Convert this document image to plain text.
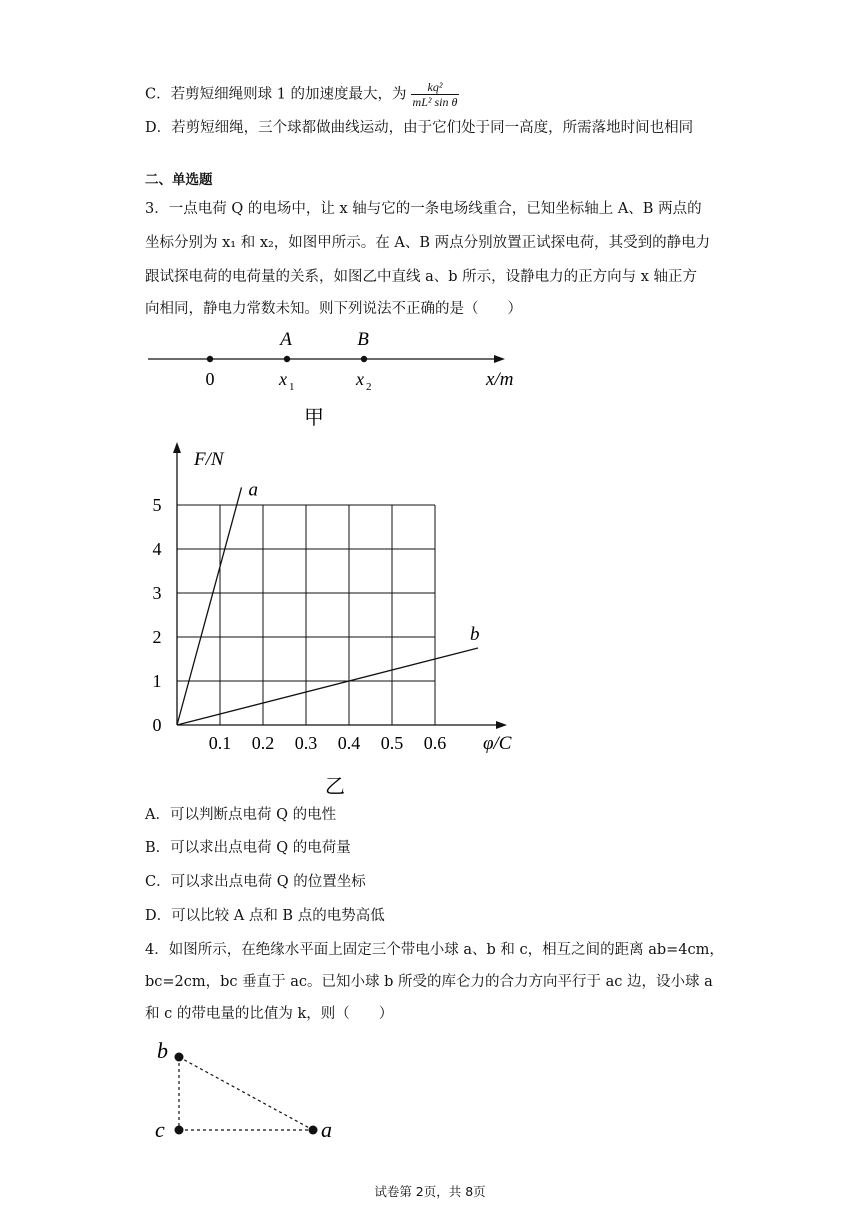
C．若剪短细绳则球 1 的加速度最大，为 $\frac{\text{kq²}}{\text{mL² sin θ}}$
D．若剪短细绳，三个球都做曲线运动，由于它们处于同一高度，所需落地时间也相同
二、单选题
3．一点电荷 Q 的电场中，让 x 轴与它的一条电场线重合，已知坐标轴上 A、B 两点的
坐标分别为 x₁ 和 x₂，如图甲所示。在 A、B 两点分别放置正试探电荷，其受到的静电力
跟试探电荷的电荷量的关系，如图乙中直线 a、b 所示，设静电力的正方向与 x 轴正方
向相同，静电力常数未知。则下列说法不正确的是（　　）
A	B
0	x 1	x 2	x/m
甲
0.1 0.2 0.3 0.4 0.5 0.6
0
1
2
3
4
5
F/N
φ/C
a
b
乙
A．可以判断点电荷 Q 的电性
B．可以求出点电荷 Q 的电荷量
C．可以求出点电荷 Q 的位置坐标
D．可以比较 A 点和 B 点的电势高低
4．如图所示，在绝缘水平面上固定三个带电小球 a、b 和 c，相互之间的距离 ab=4cm，
bc=2cm，bc 垂直于 ac。已知小球 b 所受的库仑力的合力方向平行于 ac 边，设小球 a
和 c 的带电量的比值为 k，则（　　）
b
c	a
试卷第 2页，共 8页
